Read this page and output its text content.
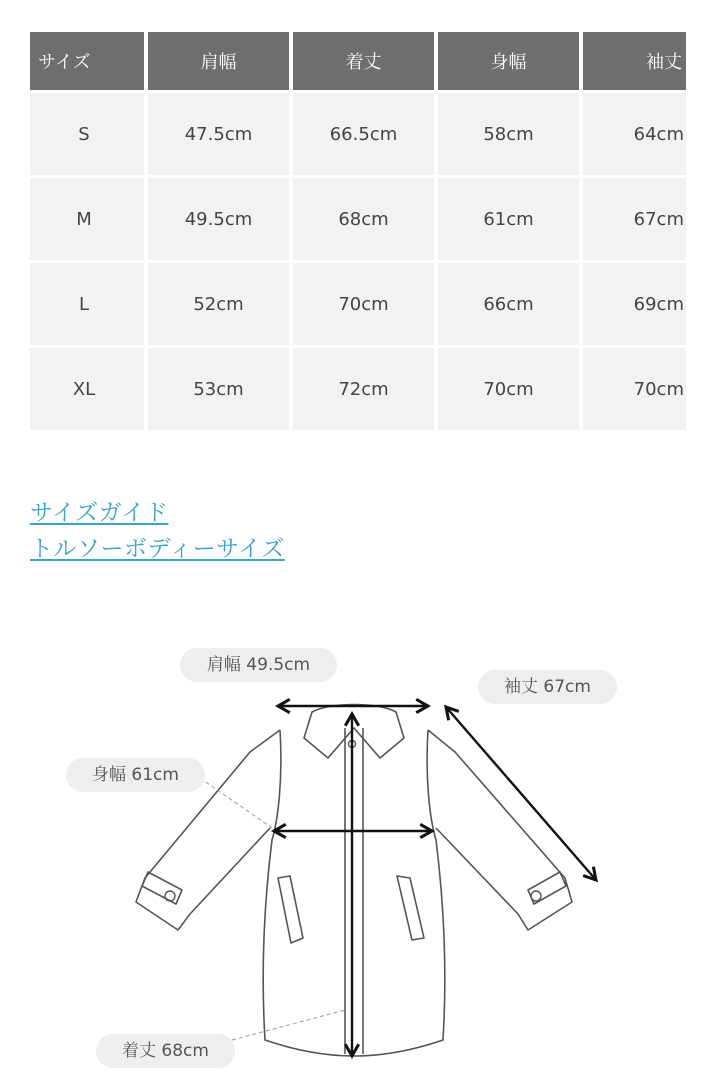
サイズ	肩幅	着丈	身幅	袖丈
S	47.5cm	66.5cm	58cm	64cm
M	49.5cm	68cm	61cm	67cm
L	52cm	70cm	66cm	69cm
XL	53cm	72cm	70cm	70cm
サイズガイド
トルソーボディーサイズ
肩幅 49.5cm
袖丈 67cm
身幅 61cm
着丈 68cm
